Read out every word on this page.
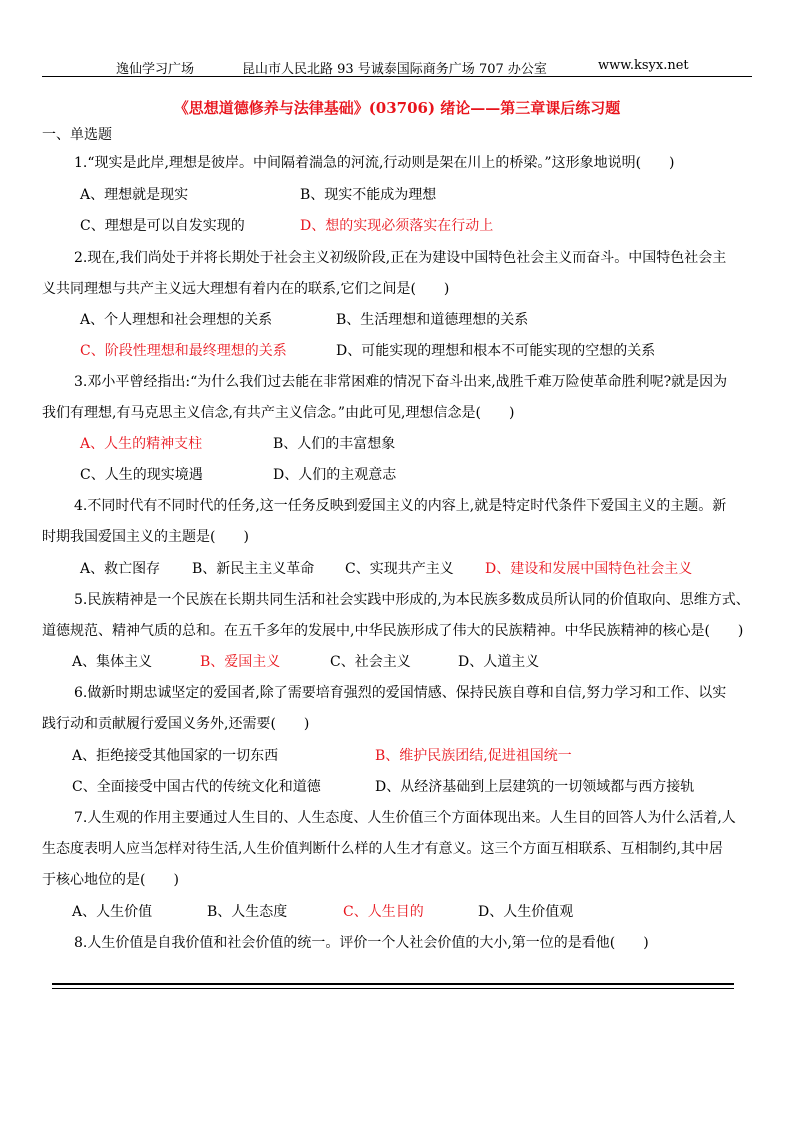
逸仙学习广场	昆山市人民北路 93 号诚泰国际商务广场 707 办公室	www.ksyx.net
《思想道德修养与法律基础》(03706) 绪论——第三章课后练习题
一、单选题
1.“现实是此岸,理想是彼岸。中间隔着湍急的河流,行动则是架在川上的桥梁。”这形象地说明(　　)
A、理想就是现实	B、现实不能成为理想
C、理想是可以自发实现的	D、想的实现必须落实在行动上
2.现在,我们尚处于并将长期处于社会主义初级阶段,正在为建设中国特色社会主义而奋斗。中国特色社会主
义共同理想与共产主义远大理想有着内在的联系,它们之间是(　　)
A、个人理想和社会理想的关系	B、生活理想和道德理想的关系
C、阶段性理想和最终理想的关系	D、可能实现的理想和根本不可能实现的空想的关系
3.邓小平曾经指出:“为什么我们过去能在非常困难的情况下奋斗出来,战胜千难万险使革命胜利呢?就是因为
我们有理想,有马克思主义信念,有共产主义信念。”由此可见,理想信念是(　　)
A、人生的精神支柱	B、人们的丰富想象
C、人生的现实境遇	D、人们的主观意志
4.不同时代有不同时代的任务,这一任务反映到爱国主义的内容上,就是特定时代条件下爱国主义的主题。新
时期我国爱国主义的主题是(　　)
A、救亡图存 B、新民主主义革命 C、实现共产主义 D、建设和发展中国特色社会主义
5.民族精神是一个民族在长期共同生活和社会实践中形成的,为本民族多数成员所认同的价值取向、思维方式、
道德规范、精神气质的总和。在五千多年的发展中,中华民族形成了伟大的民族精神。中华民族精神的核心是(　　)
A、集体主义	B、爱国主义	C、社会主义	D、人道主义
6.做新时期忠诚坚定的爱国者,除了需要培育强烈的爱国情感、保持民族自尊和自信,努力学习和工作、以实
践行动和贡献履行爱国义务外,还需要(　　)
A、拒绝接受其他国家的一切东西	B、维护民族团结,促进祖国统一
C、全面接受中国古代的传统文化和道德	D、从经济基础到上层建筑的一切领域都与西方接轨
7.人生观的作用主要通过人生目的、人生态度、人生价值三个方面体现出来。人生目的回答人为什么活着,人
生态度表明人应当怎样对待生活,人生价值判断什么样的人生才有意义。这三个方面互相联系、互相制约,其中居
于核心地位的是(　　)
A、人生价值	B、人生态度	C、人生目的	D、人生价值观
8.人生价值是自我价值和社会价值的统一。评价一个人社会价值的大小,第一位的是看他(　　)
